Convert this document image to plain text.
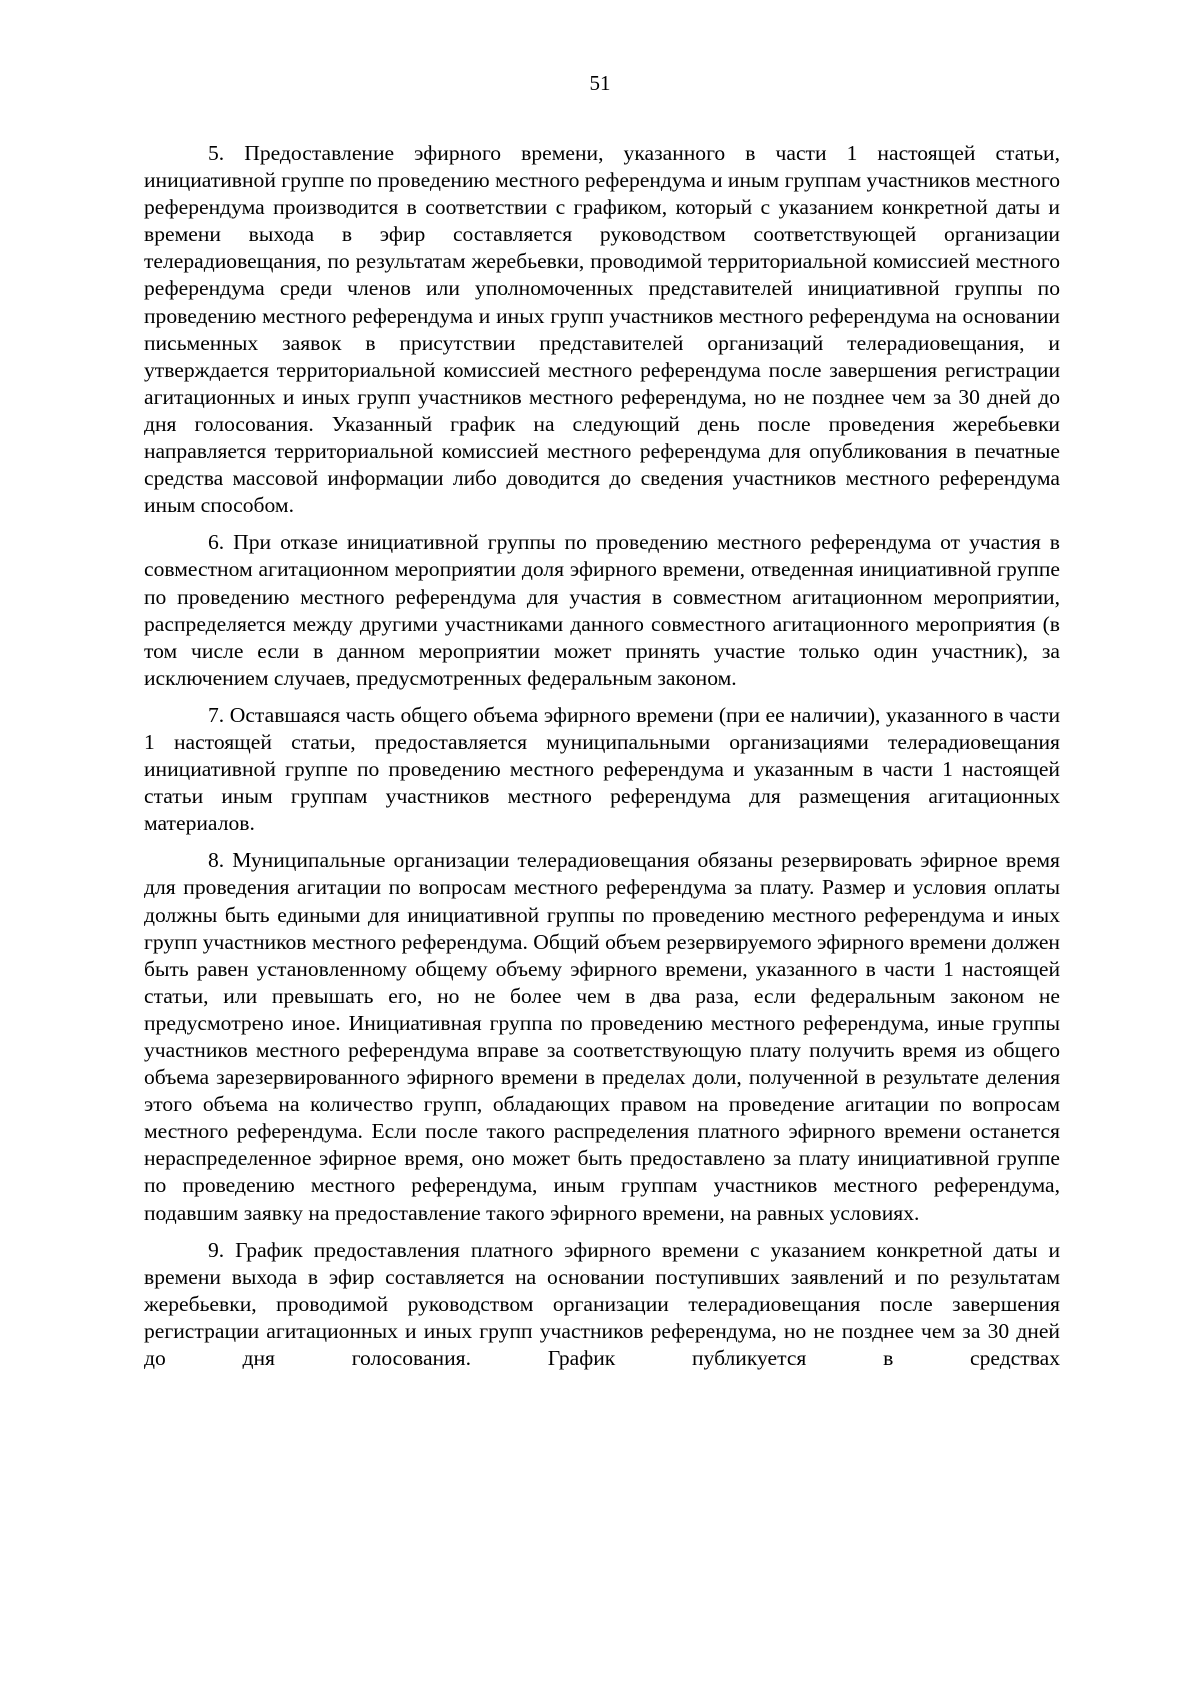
51

5. Предоставление эфирного времени, указанного в части 1 настоящей статьи, инициативной группе по проведению местного референдума и иным группам участников местного референдума производится в соответствии с графиком, который с указанием конкретной даты и времени выхода в эфир составляется руководством соответствующей организации телерадиовещания, по результатам жеребьевки, проводимой территориальной комиссией местного референдума среди членов или уполномоченных представителей инициативной группы по проведению местного референдума и иных групп участников местного референдума на основании письменных заявок в присутствии представителей организаций телерадиовещания, и утверждается территориальной комиссией местного референдума после завершения регистрации агитационных и иных групп участников местного референдума, но не позднее чем за 30 дней до дня голосования. Указанный график на следующий день после проведения жеребьевки направляется территориальной комиссией местного референдума для опубликования в печатные средства массовой информации либо доводится до сведения участников местного референдума иным способом.

6. При отказе инициативной группы по проведению местного референдума от участия в совместном агитационном мероприятии доля эфирного времени, отведенная инициативной группе по проведению местного референдума для участия в совместном агитационном мероприятии, распределяется между другими участниками данного совместного агитационного мероприятия (в том числе если в данном мероприятии может принять участие только один участник), за исключением случаев, предусмотренных федеральным законом.

7. Оставшаяся часть общего объема эфирного времени (при ее наличии), указанного в части 1 настоящей статьи, предоставляется муниципальными организациями телерадиовещания инициативной группе по проведению местного референдума и указанным в части 1 настоящей статьи иным группам участников местного референдума для размещения агитационных материалов.

8. Муниципальные организации телерадиовещания обязаны резервировать эфирное время для проведения агитации по вопросам местного референдума за плату. Размер и условия оплаты должны быть едиными для инициативной группы по проведению местного референдума и иных групп участников местного референдума. Общий объем резервируемого эфирного времени должен быть равен установленному общему объему эфирного времени, указанного в части 1 настоящей статьи, или превышать его, но не более чем в два раза, если федеральным законом не предусмотрено иное. Инициативная группа по проведению местного референдума, иные группы участников местного референдума вправе за соответствующую плату получить время из общего объема зарезервированного эфирного времени в пределах доли, полученной в результате деления этого объема на количество групп, обладающих правом на проведение агитации по вопросам местного референдума. Если после такого распределения платного эфирного времени останется нераспределенное эфирное время, оно может быть предоставлено за плату инициативной группе по проведению местного референдума, иным группам участников местного референдума, подавшим заявку на предоставление такого эфирного времени, на равных условиях.

9. График предоставления платного эфирного времени с указанием конкретной даты и времени выхода в эфир составляется на основании поступивших заявлений и по результатам жеребьевки, проводимой руководством организации телерадиовещания после завершения регистрации агитационных и иных групп участников референдума, но не позднее чем за 30 дней до дня голосования. График публикуется в средствах
